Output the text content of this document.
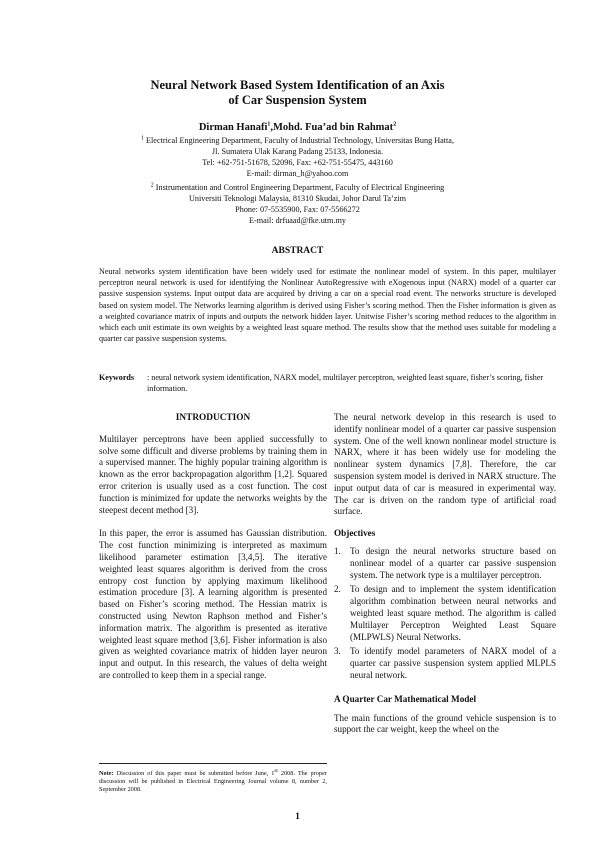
Neural Network Based System Identification of an Axis
of Car Suspension System
Dirman Hanafi$^1$,Mohd. Fua’ad bin Rahmat$^2$
$^1$ Electrical Engineering Department, Faculty of Industrial Technology, Universitas Bung Hatta,
Jl. Sumatera Ulak Karang Padang 25133, Indonesia.
Tel: +62-751-51678, 52096, Fax: +62-751-55475, 443160
E-mail: dirman_h@yahoo.com
$^2$ Instrumentation and Control Engineering Department, Faculty of Electrical Engineering
Universiti Teknologi Malaysia, 81310 Skudai, Johor Darul Ta’zim
Phone: 07-5535900, Fax: 07-5566272
E-mail: drfuaad@fke.utm.my
ABSTRACT

Neural networks system identification have been widely used for estimate the nonlinear model of system. In this paper, multilayer perceptron neural network is used for identifying the Nonlinear AutoRegressive with eXogenous input (NARX) model of a quarter car passive suspension systems. Input output data are acquired by driving a car on a special road event. The networks structure is developed based on system model. The Networks learning algorithm is derived using Fisher’s scoring method. Then the Fisher information is given as a weighted covariance matrix of inputs and outputs the network hidden layer. Unitwise Fisher’s scoring method reduces to the algorithm in which each unit estimate its own weights by a weighted least square method. The results show that the method uses suitable for modeling a quarter car passive suspension systems.

Keywords	: neural network system identification, NARX model, multilayer perceptron, weighted least square, fisher’s scoring, fisher information.
INTRODUCTION

Multilayer perceptrons have been applied successfully to solve some difficult and diverse problems by training them in a supervised manner. The highly popular training algorithm is known as the error backpropagation algorithm [1,2]. Squared error criterion is usually used as a cost function. The cost function is minimized for update the networks weights by the steepest decent method [3].

In this paper, the error is assumed has Gaussian distribution. The cost function minimizing is interpreted as maximum likelihood parameter estimation [3,4,5]. The iterative weighted least squares algorithm is derived from the cross entropy cost function by applying maximum likelihood estimation procedure [3]. A learning algorithm is presented based on Fisher’s scoring method. The Hessian matrix is constructed using Newton Raphson method and Fisher’s information matrix. The algorithm is presented as iterative weighted least square method [3,6]. Fisher information is also given as weighted covariance matrix of hidden layer neuron input and output. In this research, the values of delta weight are controlled to keep them in a special range.

The neural network develop in this research is used to identify nonlinear model of a quarter car passive suspension system. One of the well known nonlinear model structure is NARX, where it has been widely use for modeling the nonlinear system dynamics [7,8]. Therefore, the car suspension system model is derived in NARX structure. The input output data of car is measured in experimental way. The car is driven on the random type of artificial road surface.

Objectives
1.	To design the neural networks structure based on nonlinear model of a quarter car passive suspension system. The network type is a multilayer perceptron.
2.	To design and to implement the system identification algorithm combination between neural networks and weighted least square method. The algorithm is called Multilayer Perceptron Weighted Least Square (MLPWLS) Neural Networks.
3.	To identify model parameters of NARX model of a quarter car passive suspension system applied MLPLS neural network.
A Quarter Car Mathematical Model

The main functions of the ground vehicle suspension is to support the car weight, keep the wheel on the

Note: Discussion of this paper must be submitted before June, 1st 2008. The proper discussion will be published in Electrical Engineering Journal volume 8, number 2, September 2008.
1
